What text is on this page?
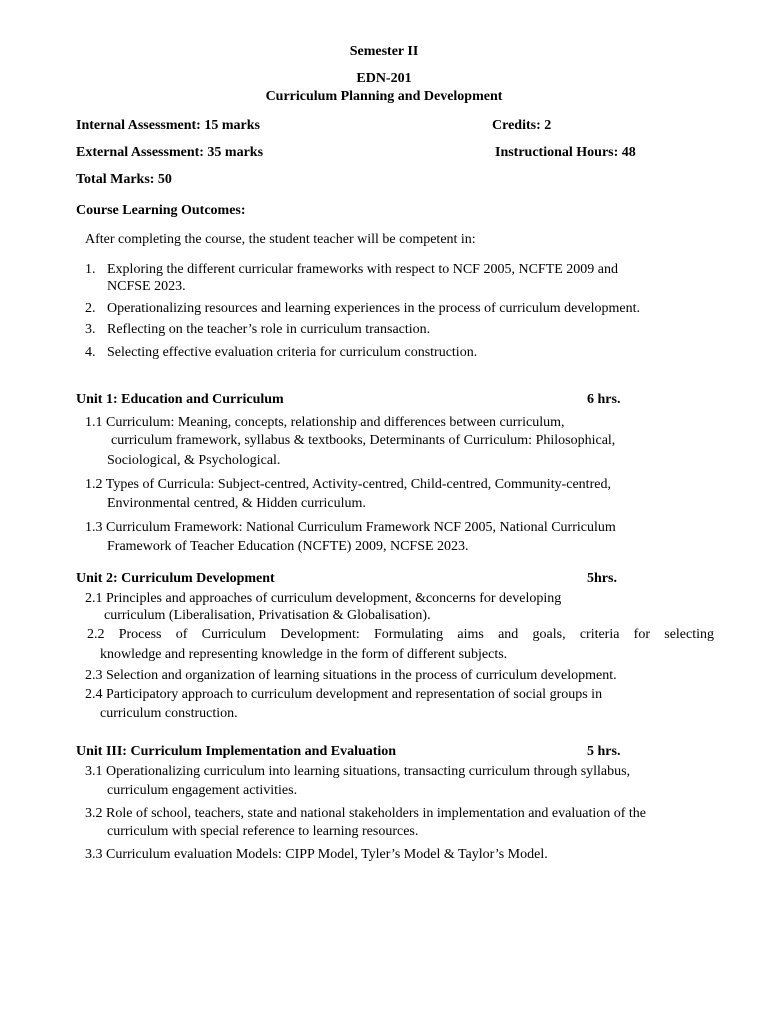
Semester II
EDN-201
Curriculum Planning and Development
Internal Assessment: 15 marks	Credits: 2
External Assessment: 35 marks	Instructional Hours: 48
Total Marks: 50
Course Learning Outcomes:
After completing the course, the student teacher will be competent in:
1. Exploring the different curricular frameworks with respect to NCF 2005, NCFTE 2009 and
NCFSE 2023.
2. Operationalizing resources and learning experiences in the process of curriculum development.
3. Reflecting on the teacher’s role in curriculum transaction.
4. Selecting effective evaluation criteria for curriculum construction.
Unit 1: Education and Curriculum	6 hrs.
1.1 Curriculum: Meaning, concepts, relationship and differences between curriculum,
curriculum framework, syllabus & textbooks, Determinants of Curriculum: Philosophical,
Sociological, & Psychological.
1.2 Types of Curricula: Subject-centred, Activity-centred, Child-centred, Community-centred,
Environmental centred, & Hidden curriculum.
1.3 Curriculum Framework: National Curriculum Framework NCF 2005, National Curriculum
Framework of Teacher Education (NCFTE) 2009, NCFSE 2023.
Unit 2: Curriculum Development	5hrs.
2.1 Principles and approaches of curriculum development, &concerns for developing
curriculum (Liberalisation, Privatisation & Globalisation).
2.2 Process of Curriculum Development: Formulating aims and goals, criteria for selecting
knowledge and representing knowledge in the form of different subjects.
2.3 Selection and organization of learning situations in the process of curriculum development.
2.4 Participatory approach to curriculum development and representation of social groups in
curriculum construction.
Unit III: Curriculum Implementation and Evaluation	5 hrs.
3.1 Operationalizing curriculum into learning situations, transacting curriculum through syllabus,
curriculum engagement activities.
3.2 Role of school, teachers, state and national stakeholders in implementation and evaluation of the
curriculum with special reference to learning resources.
3.3 Curriculum evaluation Models: CIPP Model, Tyler’s Model & Taylor’s Model.
